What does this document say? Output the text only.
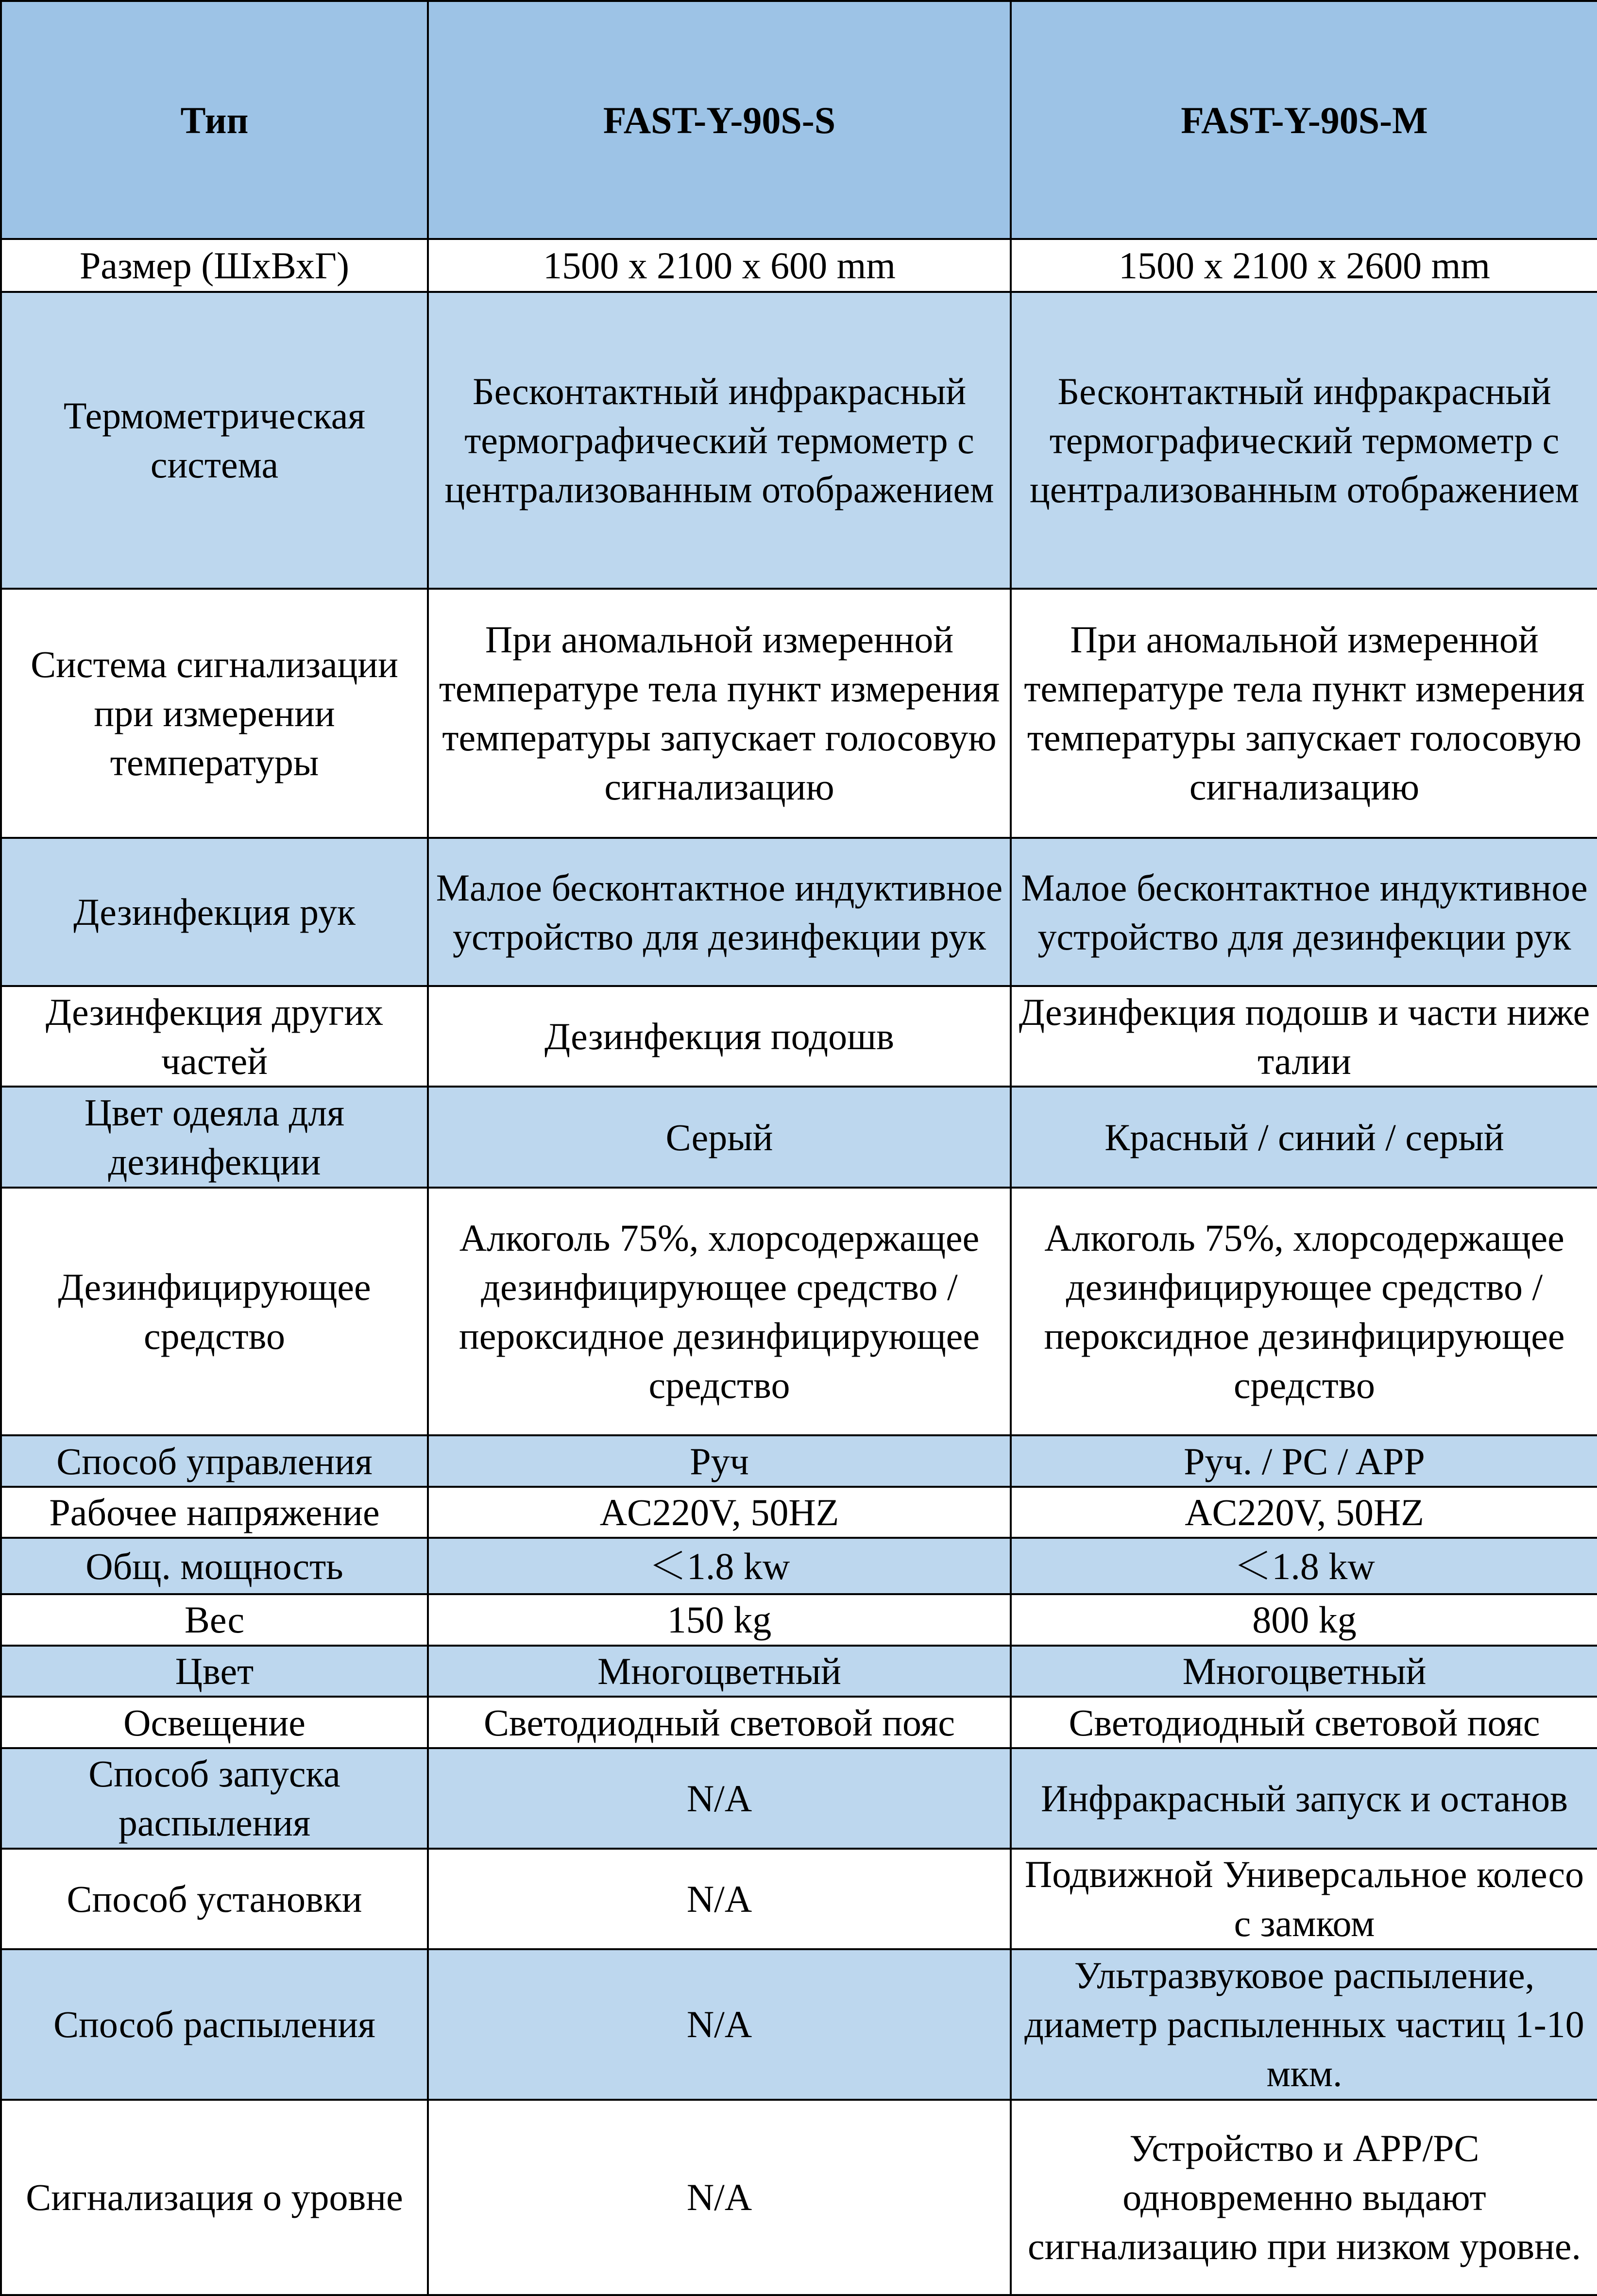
Тип	FAST-Y-90S-S	FAST-Y-90S-M
Размер (ШхВхГ)	1500 x 2100 x 600 mm	1500 x 2100 x 2600 mm
Термометрическая система	Бесконтактный инфракрасный термографический термометр с централизованным отображением	Бесконтактный инфракрасный термографический термометр с централизованным отображением
Система сигнализации при измерении температуры	При аномальной измеренной температуре тела пункт измерения температуры запускает голосовую сигнализацию	При аномальной измеренной температуре тела пункт измерения температуры запускает голосовую сигнализацию
Дезинфекция рук	Малое бесконтактное индуктивное устройство для дезинфекции рук	Малое бесконтактное индуктивное устройство для дезинфекции рук
Дезинфекция других частей	Дезинфекция подошв	Дезинфекция подошв и части ниже талии
Цвет одеяла для дезинфекции	Серый	Красный / синий / серый
Дезинфицирующее средство	Алкоголь 75%, хлорсодержащее дезинфицирующее средство / пероксидное дезинфицирующее средство	Алкоголь 75%, хлорсодержащее дезинфицирующее средство / пероксидное дезинфицирующее средство
Способ управления	Руч	Руч. / PC / APP
Рабочее напряжение	AC220V, 50HZ	AC220V, 50HZ
Общ. мощность	＜1.8 kw	＜1.8 kw
Вес	150 kg	800 kg
Цвет	Многоцветный	Многоцветный
Освещение	Светодиодный световой пояс	Светодиодный световой пояс
Способ запуска распыления	N/A	Инфракрасный запуск и останов
Способ установки	N/A	Подвижной Универсальное колесо с замком
Способ распыления	N/A	Ультразвуковое распыление, диаметр распыленных частиц 1-10 мкм.
Сигнализация о уровне	N/A	Устройство и APP/PC одновременно выдают сигнализацию при низком уровне.
